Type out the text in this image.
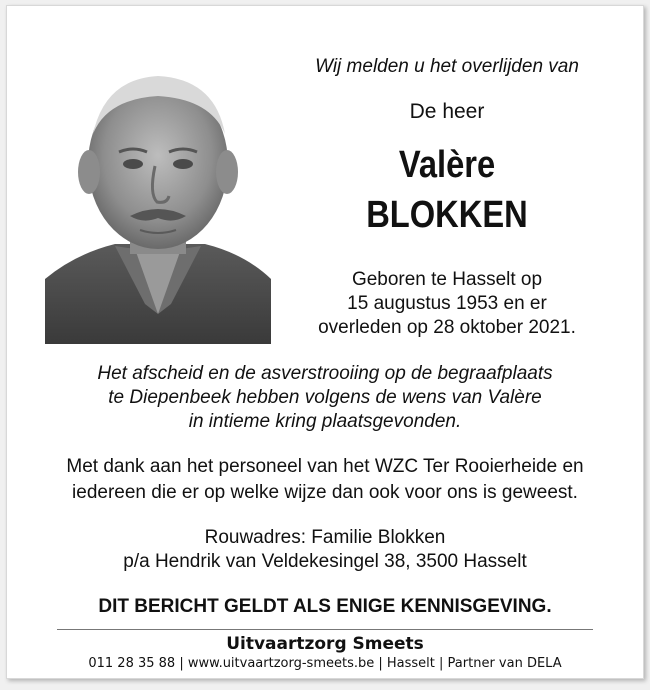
Wij melden u het overlijden van
De heer
Valère
BLOKKEN
Geboren te Hasselt op
15 augustus 1953 en er
overleden op 28 oktober 2021.
Het afscheid en de asverstrooiing op de begraafplaats
te Diepenbeek hebben volgens de wens van Valère
in intieme kring plaatsgevonden.
Met dank aan het personeel van het WZC Ter Rooierheide en
iedereen die er op welke wijze dan ook voor ons is geweest.
Rouwadres: Familie Blokken
p/a Hendrik van Veldekesingel 38, 3500 Hasselt
DIT BERICHT GELDT ALS ENIGE KENNISGEVING.
Uitvaartzorg Smeets
011 28 35 88 | www.uitvaartzorg-smeets.be | Hasselt | Partner van DELA
